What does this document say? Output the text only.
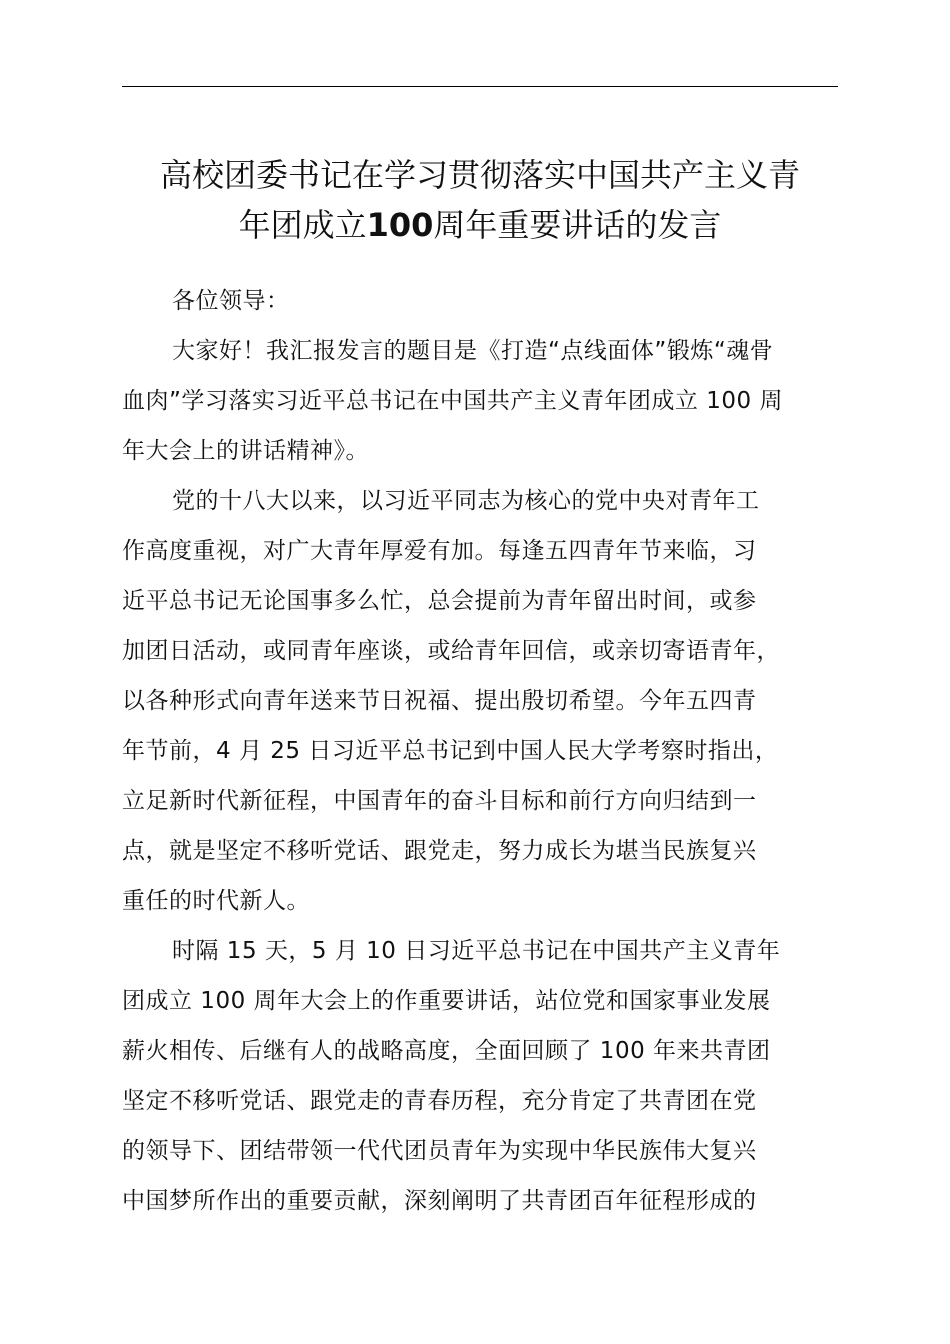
高校团委书记在学习贯彻落实中国共产主义青
年团成立100周年重要讲话的发言
各位领导：
大家好！我汇报发言的题目是《打造“点线面体”锻炼“魂骨
血肉”学习落实习近平总书记在中国共产主义青年团成立 100 周
年大会上的讲话精神》。
党的十八大以来，以习近平同志为核心的党中央对青年工
作高度重视，对广大青年厚爱有加。每逢五四青年节来临，习
近平总书记无论国事多么忙，总会提前为青年留出时间，或参
加团日活动，或同青年座谈，或给青年回信，或亲切寄语青年，
以各种形式向青年送来节日祝福、提出殷切希望。今年五四青
年节前，4 月 25 日习近平总书记到中国人民大学考察时指出，
立足新时代新征程，中国青年的奋斗目标和前行方向归结到一
点，就是坚定不移听党话、跟党走，努力成长为堪当民族复兴
重任的时代新人。
时隔 15 天，5 月 10 日习近平总书记在中国共产主义青年
团成立 100 周年大会上的作重要讲话，站位党和国家事业发展
薪火相传、后继有人的战略高度，全面回顾了 100 年来共青团
坚定不移听党话、跟党走的青春历程，充分肯定了共青团在党
的领导下、团结带领一代代团员青年为实现中华民族伟大复兴
中国梦所作出的重要贡献，深刻阐明了共青团百年征程形成的
